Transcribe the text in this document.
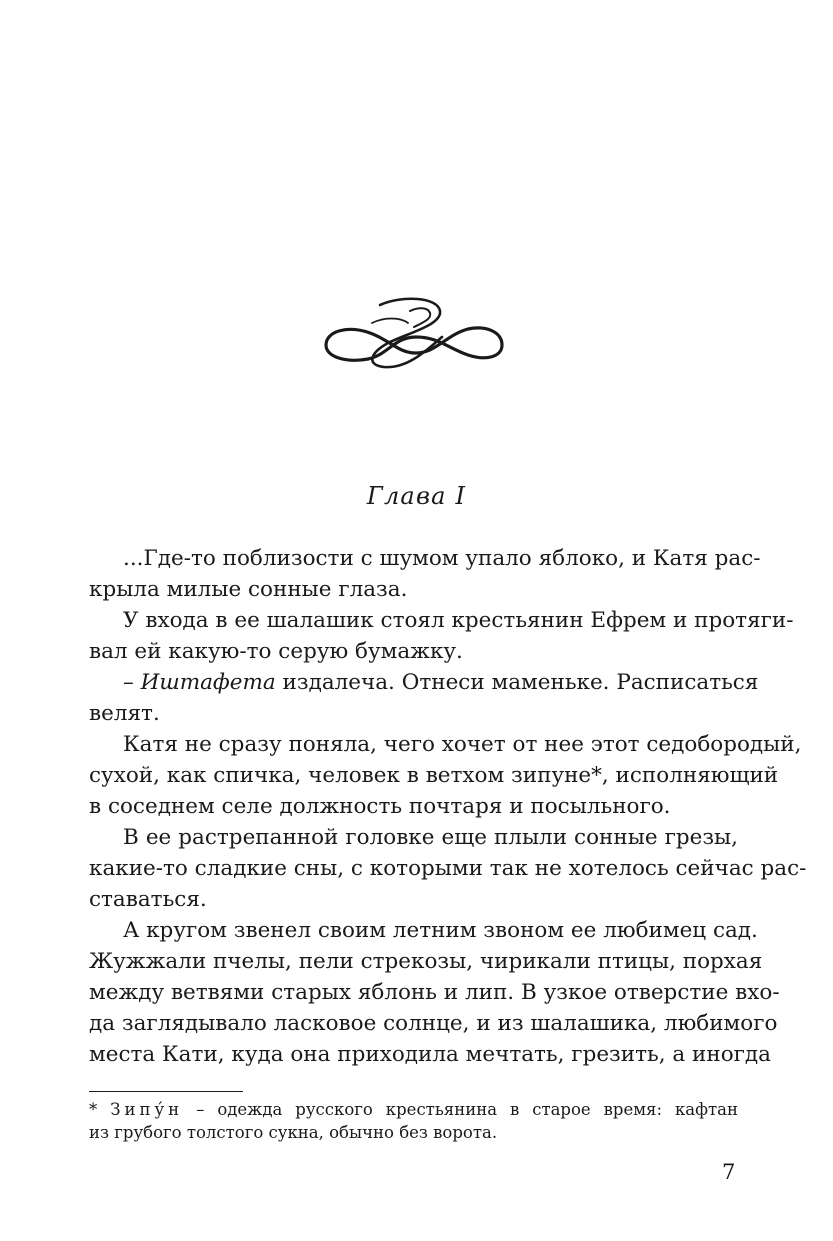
Глава I
...Где-то поблизости с шумом упало яблоко, и Катя рас-
крыла милые сонные глаза.
У входа в ее шалашик стоял крестьянин Ефрем и протяги-
вал ей какую-то серую бумажку.
– Иштафета издалеча. Отнеси маменьке. Расписаться
велят.
Катя не сразу поняла, чего хочет от нее этот седобородый,
сухой, как спичка, человек в ветхом зипуне*, исполняющий
в соседнем селе должность почтаря и посыльного.
В ее растрепанной головке еще плыли сонные грезы,
какие-то сладкие сны, с которыми так не хотелось сейчас рас-
ставаться.
А кругом звенел своим летним звоном ее любимец сад.
Жужжали пчелы, пели стрекозы, чирикали птицы, порхая
между ветвями старых яблонь и лип. В узкое отверстие вхо-
да заглядывало ласковое солнце, и из шалашика, любимого
места Кати, куда она приходила мечтать, грезить, а иногда
* Зипу́н – одежда русского крестьянина в старое время: кафтан
из грубого толстого сукна, обычно без ворота.
7
